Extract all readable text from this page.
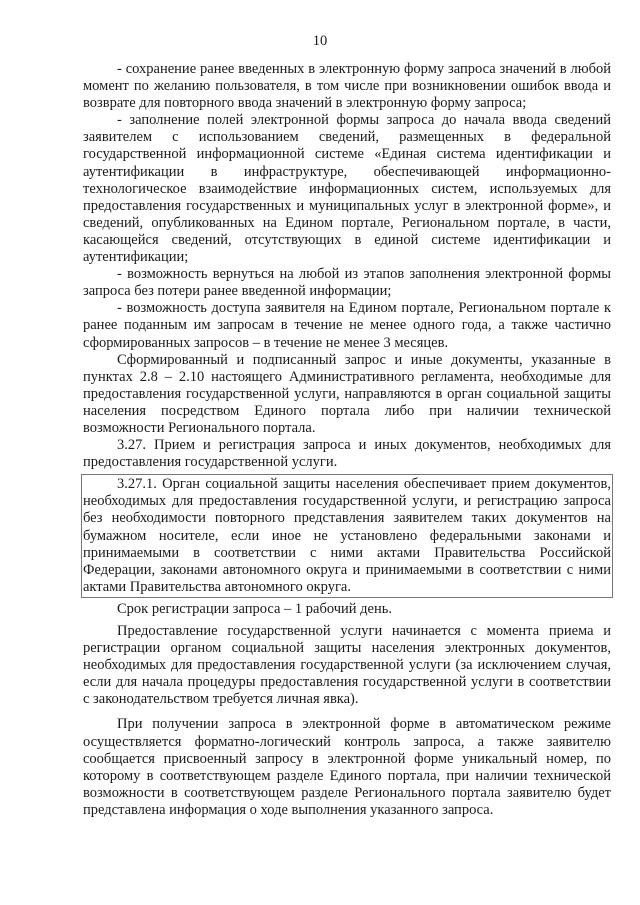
10

- сохранение ранее введенных в электронную форму запроса значений в любой момент по желанию пользователя, в том числе при возникновении ошибок ввода и возврате для повторного ввода значений в электронную форму запроса;

- заполнение полей электронной формы запроса до начала ввода сведений заявителем с использованием сведений, размещенных в федеральной государственной информационной системе «Единая система идентификации и аутентификации в инфраструктуре, обеспечивающей информационно-технологическое взаимодействие информационных систем, используемых для предоставления государственных и муниципальных услуг в электронной форме», и сведений, опубликованных на Едином портале, Региональном портале, в части, касающейся сведений, отсутствующих в единой системе идентификации и аутентификации;

- возможность вернуться на любой из этапов заполнения электронной формы запроса без потери ранее введенной информации;

- возможность доступа заявителя на Едином портале, Региональном портале к ранее поданным им запросам в течение не менее одного года, а также частично сформированных запросов – в течение не менее 3 месяцев.

Сформированный и подписанный запрос и иные документы, указанные в пунктах 2.8 – 2.10 настоящего Административного регламента, необходимые для предоставления государственной услуги, направляются в орган социальной защиты населения посредством Единого портала либо при наличии технической возможности Регионального портала.

3.27. Прием и регистрация запроса и иных документов, необходимых для предоставления государственной услуги.

3.27.1. Орган социальной защиты населения обеспечивает прием документов, необходимых для предоставления государственной услуги, и регистрацию запроса без необходимости повторного представления заявителем таких документов на бумажном носителе, если иное не установлено федеральными законами и принимаемыми в соответствии с ними актами Правительства Российской Федерации, законами автономного округа и принимаемыми в соответствии с ними актами Правительства автономного округа.

Срок регистрации запроса – 1 рабочий день.

Предоставление государственной услуги начинается с момента приема и регистрации органом социальной защиты населения электронных документов, необходимых для предоставления государственной услуги (за исключением случая, если для начала процедуры предоставления государственной услуги в соответствии с законодательством требуется личная явка).

При получении запроса в электронной форме в автоматическом режиме осуществляется форматно-логический контроль запроса, а также заявителю сообщается присвоенный запросу в электронной форме уникальный номер, по которому в соответствующем разделе Единого портала, при наличии технической возможности в соответствующем разделе Регионального портала заявителю будет представлена информация о ходе выполнения указанного запроса.
